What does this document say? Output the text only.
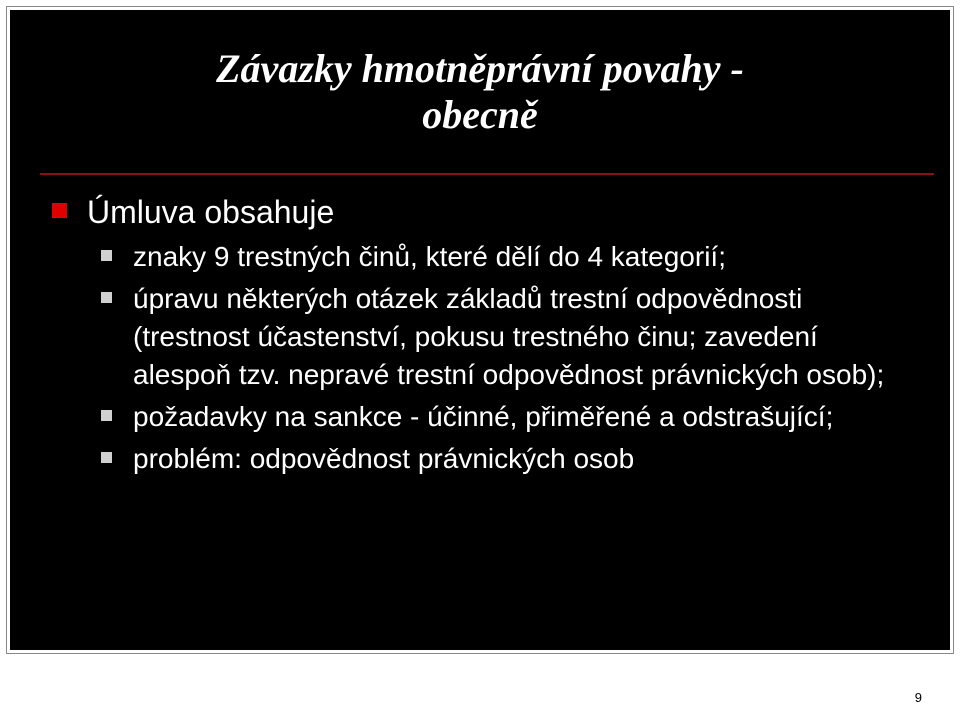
Závazky hmotněprávní povahy -
obecně
Úmluva obsahuje
znaky 9 trestných činů, které dělí do 4 kategorií;
úpravu některých otázek základů trestní odpovědnosti (trestnost účastenství, pokusu trestného činu; zavedení alespoň tzv. nepravé trestní odpovědnost právnických osob);
požadavky na sankce - účinné, přiměřené a odstrašující;
problém: odpovědnost právnických osob
9
